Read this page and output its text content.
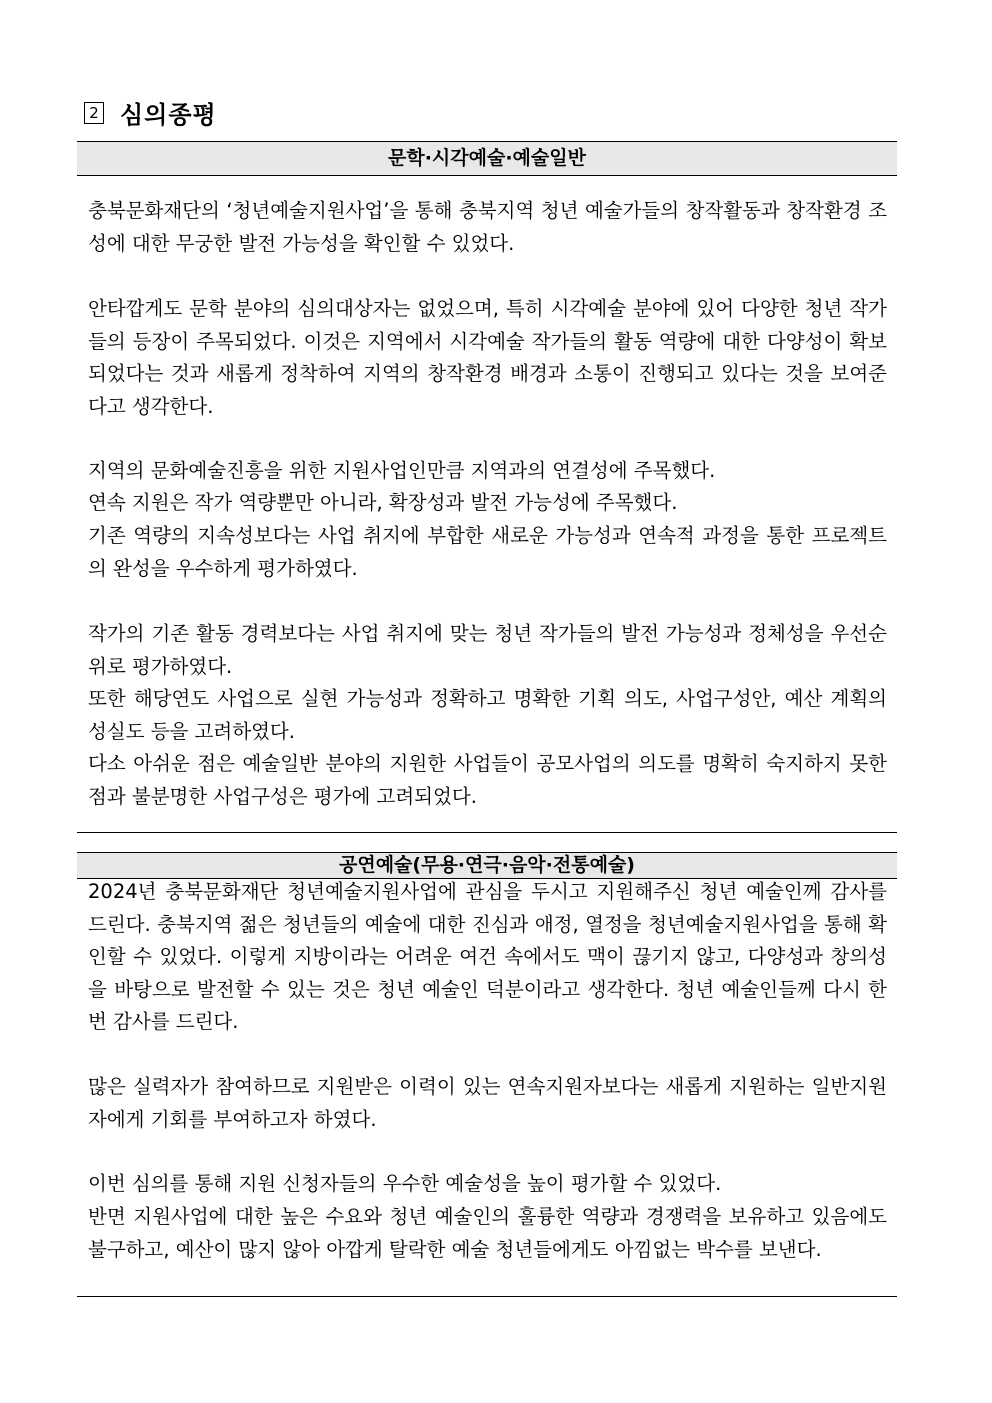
2 심의종평
문학·시각예술·예술일반

충북문화재단의 ‘청년예술지원사업’을 통해 충북지역 청년 예술가들의 창작활동과 창작환경 조성에 대한 무궁한 발전 가능성을 확인할 수 있었다.

안타깝게도 문학 분야의 심의대상자는 없었으며, 특히 시각예술 분야에 있어 다양한 청년 작가들의 등장이 주목되었다. 이것은 지역에서 시각예술 작가들의 활동 역량에 대한 다양성이 확보되었다는 것과 새롭게 정착하여 지역의 창작환경 배경과 소통이 진행되고 있다는 것을 보여준다고 생각한다.

지역의 문화예술진흥을 위한 지원사업인만큼 지역과의 연결성에 주목했다.

연속 지원은 작가 역량뿐만 아니라, 확장성과 발전 가능성에 주목했다.

기존 역량의 지속성보다는 사업 취지에 부합한 새로운 가능성과 연속적 과정을 통한 프로젝트의 완성을 우수하게 평가하였다.

작가의 기존 활동 경력보다는 사업 취지에 맞는 청년 작가들의 발전 가능성과 정체성을 우선순위로 평가하였다.

또한 해당연도 사업으로 실현 가능성과 정확하고 명확한 기획 의도, 사업구성안, 예산 계획의 성실도 등을 고려하였다.

다소 아쉬운 점은 예술일반 분야의 지원한 사업들이 공모사업의 의도를 명확히 숙지하지 못한 점과 불분명한 사업구성은 평가에 고려되었다.

공연예술(무용·연극·음악·전통예술)

2024년 충북문화재단 청년예술지원사업에 관심을 두시고 지원해주신 청년 예술인께 감사를 드린다. 충북지역 젊은 청년들의 예술에 대한 진심과 애정, 열정을 청년예술지원사업을 통해 확인할 수 있었다. 이렇게 지방이라는 어려운 여건 속에서도 맥이 끊기지 않고, 다양성과 창의성을 바탕으로 발전할 수 있는 것은 청년 예술인 덕분이라고 생각한다. 청년 예술인들께 다시 한번 감사를 드린다.

많은 실력자가 참여하므로 지원받은 이력이 있는 연속지원자보다는 새롭게 지원하는 일반지원자에게 기회를 부여하고자 하였다.

이번 심의를 통해 지원 신청자들의 우수한 예술성을 높이 평가할 수 있었다.

반면 지원사업에 대한 높은 수요와 청년 예술인의 훌륭한 역량과 경쟁력을 보유하고 있음에도 불구하고, 예산이 많지 않아 아깝게 탈락한 예술 청년들에게도 아낌없는 박수를 보낸다.
